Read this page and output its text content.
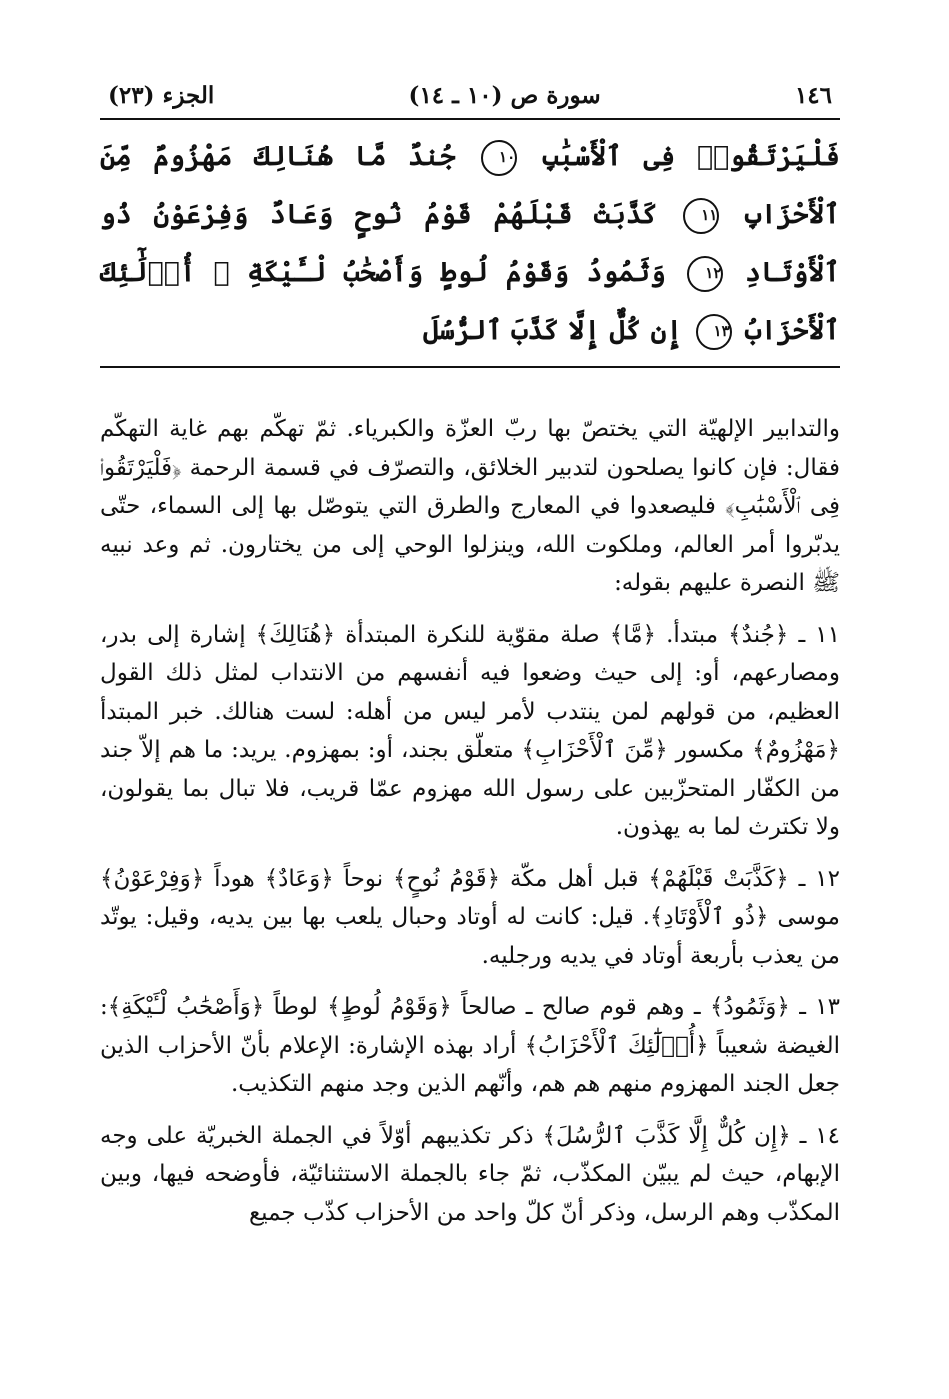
١٤٦
سورة ص (١٠ ـ ١٤)
الجزء (٢٣)
فَلْيَرْتَقُوا۟ فِى ٱلْأَسْبَٰبِ ١٠ جُندٌ مَّا هُنَالِكَ مَهْزُومٌ مِّنَ ٱلْأَحْزَابِ ١١ كَذَّبَتْ قَبْلَهُمْ قَوْمُ نُوحٍ وَعَادٌ وَفِرْعَوْنُ ذُو ٱلْأَوْتَادِ ١٢ وَثَمُودُ وَقَوْمُ لُوطٍ وَأَصْحَٰبُ لْـَٔيْكَةِ ۚ أُو۟لَٰٓئِكَ ٱلْأَحْزَابُ ١٣ إِن كُلٌّ إِلَّا كَذَّبَ ٱلرُّسُلَ

والتدابير الإلهيّة التي يختصّ بها ربّ العزّة والكبرياء. ثمّ تهكّم بهم غاية التهكّم فقال: فإن كانوا يصلحون لتدبير الخلائق، والتصرّف في قسمة الرحمة ﴿فَلْيَرْتَقُوا۟ فِى ٱلْأَسْبَٰبِ﴾ فليصعدوا في المعارج والطرق التي يتوصّل بها إلى السماء، حتّى يدبّروا أمر العالم، وملكوت الله، وينزلوا الوحي إلى من يختارون. ثم وعد نبيه ﷺ النصرة عليهم بقوله:

١١ ـ ﴿جُندٌ﴾ مبتدأ. ﴿مَّا﴾ صلة مقوّية للنكرة المبتدأة ﴿هُنَالِكَ﴾ إشارة إلى بدر، ومصارعهم، أو: إلى حيث وضعوا فيه أنفسهم من الانتداب لمثل ذلك القول العظيم، من قولهم لمن ينتدب لأمر ليس من أهله: لست هنالك. خبر المبتدأ ﴿مَهْزُومٌ﴾ مكسور ﴿مِّنَ ٱلْأَحْزَابِ﴾ متعلّق بجند، أو: بمهزوم. يريد: ما هم إلاّ جند من الكفّار المتحزّبين على رسول الله مهزوم عمّا قريب، فلا تبال بما يقولون، ولا تكترث لما به يهذون.

١٢ ـ ﴿كَذَّبَتْ قَبْلَهُمْ﴾ قبل أهل مكّة ﴿قَوْمُ نُوحٍ﴾ نوحاً ﴿وَعَادٌ﴾ هوداً ﴿وَفِرْعَوْنُ﴾ موسى ﴿ذُو ٱلْأَوْتَادِ﴾. قيل: كانت له أوتاد وحبال يلعب بها بين يديه، وقيل: يوتّد من يعذب بأربعة أوتاد في يديه ورجليه.

١٣ ـ ﴿وَثَمُودُ﴾ ـ وهم قوم صالح ـ صالحاً ﴿وَقَوْمُ لُوطٍ﴾ لوطاً ﴿وَأَصْحَٰبُ لْـَٔيْكَةِ﴾: الغيضة شعيباً ﴿أُو۟لَٰٓئِكَ ٱلْأَحْزَابُ﴾ أراد بهذه الإشارة: الإعلام بأنّ الأحزاب الذين جعل الجند المهزوم منهم هم هم، وأنّهم الذين وجد منهم التكذيب.

١٤ ـ ﴿إِن كُلٌّ إِلَّا كَذَّبَ ٱلرُّسُلَ﴾ ذكر تكذيبهم أوّلاً في الجملة الخبريّة على وجه الإبهام، حيث لم يبيّن المكذّب، ثمّ جاء بالجملة الاستثنائيّة، فأوضحه فيها، وبين المكذّب وهم الرسل، وذكر أنّ كلّ واحد من الأحزاب كذّب جميع
